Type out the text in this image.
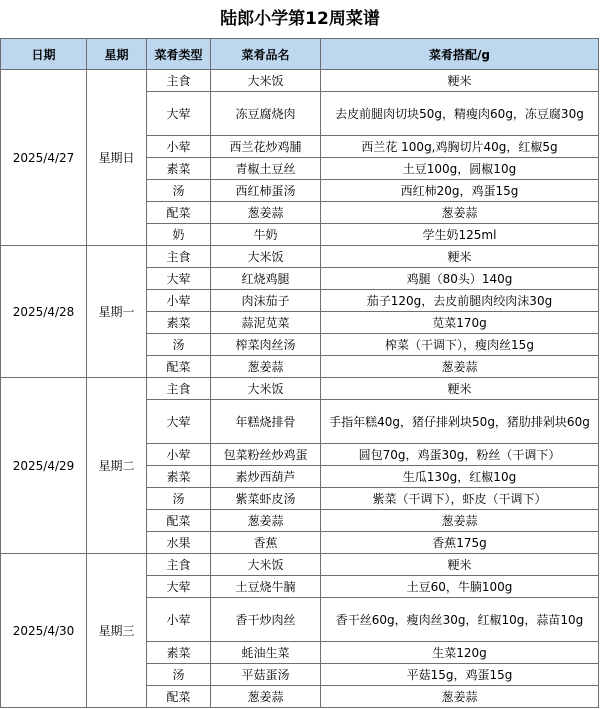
陆郎小学第12周菜谱
日期	星期	菜肴类型	菜肴品名	菜肴搭配/g
2025/4/27	星期日	主食	大米饭	粳米
		大荤	冻豆腐烧肉	去皮前腿肉切块50g，精瘦肉60g，冻豆腐30g
		小荤	西兰花炒鸡脯	西兰花 100g,鸡胸切片40g，红椒5g
		素菜	青椒土豆丝	土豆100g，圆椒10g
		汤	西红柿蛋汤	西红柿20g，鸡蛋15g
		配菜	葱姜蒜	葱姜蒜
		奶	牛奶	学生奶125ml
2025/4/28	星期一	主食	大米饭	粳米
		大荤	红烧鸡腿	鸡腿（80头）140g
		小荤	肉沫茄子	茄子120g，去皮前腿肉绞肉沫30g
		素菜	蒜泥苋菜	苋菜170g
		汤	榨菜肉丝汤	榨菜（干调下），瘦肉丝15g
		配菜	葱姜蒜	葱姜蒜
2025/4/29	星期二	主食	大米饭	粳米
		大荤	年糕烧排骨	手指年糕40g，猪仔排剁块50g，猪肋排剁块60g
		小荤	包菜粉丝炒鸡蛋	圆包70g，鸡蛋30g，粉丝（干调下）
		素菜	素炒西葫芦	生瓜130g，红椒10g
		汤	紫菜虾皮汤	紫菜（干调下），虾皮（干调下）
		配菜	葱姜蒜	葱姜蒜
		水果	香蕉	香蕉175g
2025/4/30	星期三	主食	大米饭	粳米
		大荤	土豆烧牛腩	土豆60，牛腩100g
		小荤	香干炒肉丝	香干丝60g，瘦肉丝30g，红椒10g，蒜苗10g
		素菜	蚝油生菜	生菜120g
		汤	平菇蛋汤	平菇15g，鸡蛋15g
		配菜	葱姜蒜	葱姜蒜
